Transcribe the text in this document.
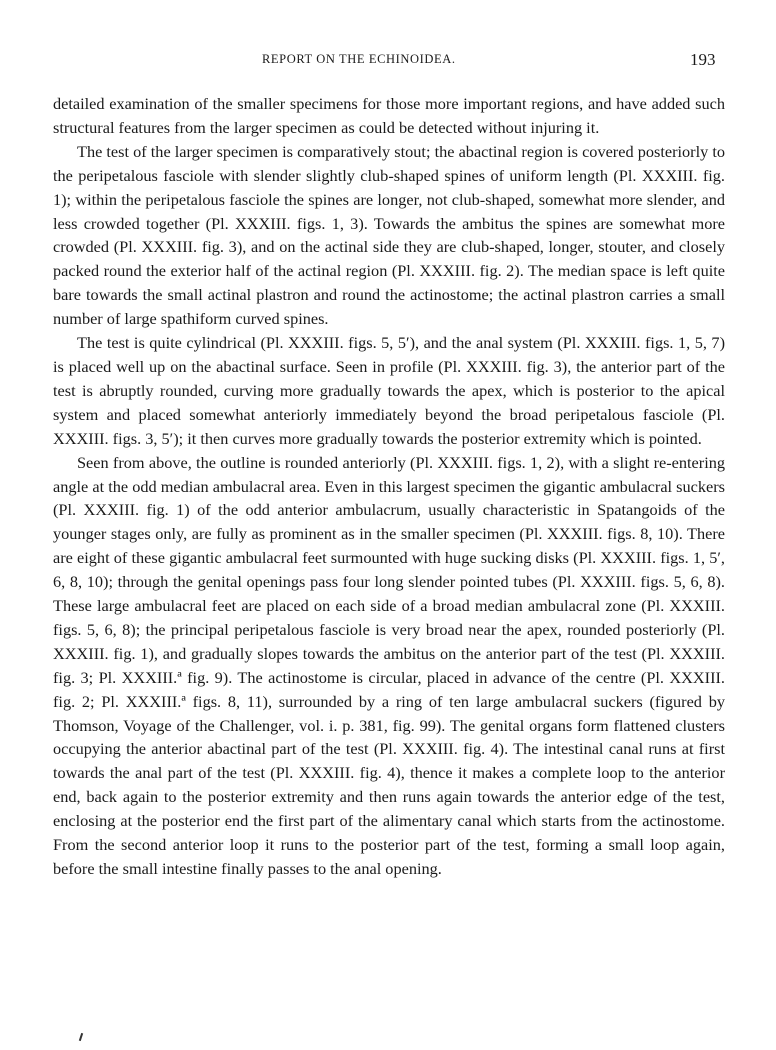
REPORT ON THE ECHINOIDEA.	193

detailed examination of the smaller specimens for those more important regions, and have added such structural features from the larger specimen as could be detected without injuring it.

The test of the larger specimen is comparatively stout; the abactinal region is covered posteriorly to the peripetalous fasciole with slender slightly club-shaped spines of uniform length (Pl. XXXIII. fig. 1); within the peripetalous fasciole the spines are longer, not club-shaped, somewhat more slender, and less crowded together (Pl. XXXIII. figs. 1, 3). Towards the ambitus the spines are somewhat more crowded (Pl. XXXIII. fig. 3), and on the actinal side they are club-shaped, longer, stouter, and closely packed round the exterior half of the actinal region (Pl. XXXIII. fig. 2). The median space is left quite bare towards the small actinal plastron and round the actinostome; the actinal plastron carries a small number of large spathiform curved spines.

The test is quite cylindrical (Pl. XXXIII. figs. 5, 5′), and the anal system (Pl. XXXIII. figs. 1, 5, 7) is placed well up on the abactinal surface. Seen in profile (Pl. XXXIII. fig. 3), the anterior part of the test is abruptly rounded, curving more gradually towards the apex, which is posterior to the apical system and placed somewhat anteriorly immediately beyond the broad peripetalous fasciole (Pl. XXXIII. figs. 3, 5′); it then curves more gradually towards the posterior extremity which is pointed.

Seen from above, the outline is rounded anteriorly (Pl. XXXIII. figs. 1, 2), with a slight re-entering angle at the odd median ambulacral area. Even in this largest specimen the gigantic ambulacral suckers (Pl. XXXIII. fig. 1) of the odd anterior ambulacrum, usually characteristic in Spatangoids of the younger stages only, are fully as prominent as in the smaller specimen (Pl. XXXIII. figs. 8, 10). There are eight of these gigantic ambulacral feet surmounted with huge sucking disks (Pl. XXXIII. figs. 1, 5′, 6, 8, 10); through the genital openings pass four long slender pointed tubes (Pl. XXXIII. figs. 5, 6, 8). These large ambulacral feet are placed on each side of a broad median ambulacral zone (Pl. XXXIII. figs. 5, 6, 8); the principal peripetalous fasciole is very broad near the apex, rounded posteriorly (Pl. XXXIII. fig. 1), and gradually slopes towards the ambitus on the anterior part of the test (Pl. XXXIII. fig. 3; Pl. XXXIII.ª fig. 9). The actinostome is circular, placed in advance of the centre (Pl. XXXIII. fig. 2; Pl. XXXIII.ª figs. 8, 11), surrounded by a ring of ten large ambulacral suckers (figured by Thomson, Voyage of the Challenger, vol. i. p. 381, fig. 99). The genital organs form flattened clusters occupying the anterior abactinal part of the test (Pl. XXXIII. fig. 4). The intestinal canal runs at first towards the anal part of the test (Pl. XXXIII. fig. 4), thence it makes a complete loop to the anterior end, back again to the posterior extremity and then runs again towards the anterior edge of the test, enclosing at the posterior end the first part of the alimentary canal which starts from the actinostome. From the second anterior loop it runs to the posterior part of the test, forming a small loop again, before the small intestine finally passes to the anal opening.
